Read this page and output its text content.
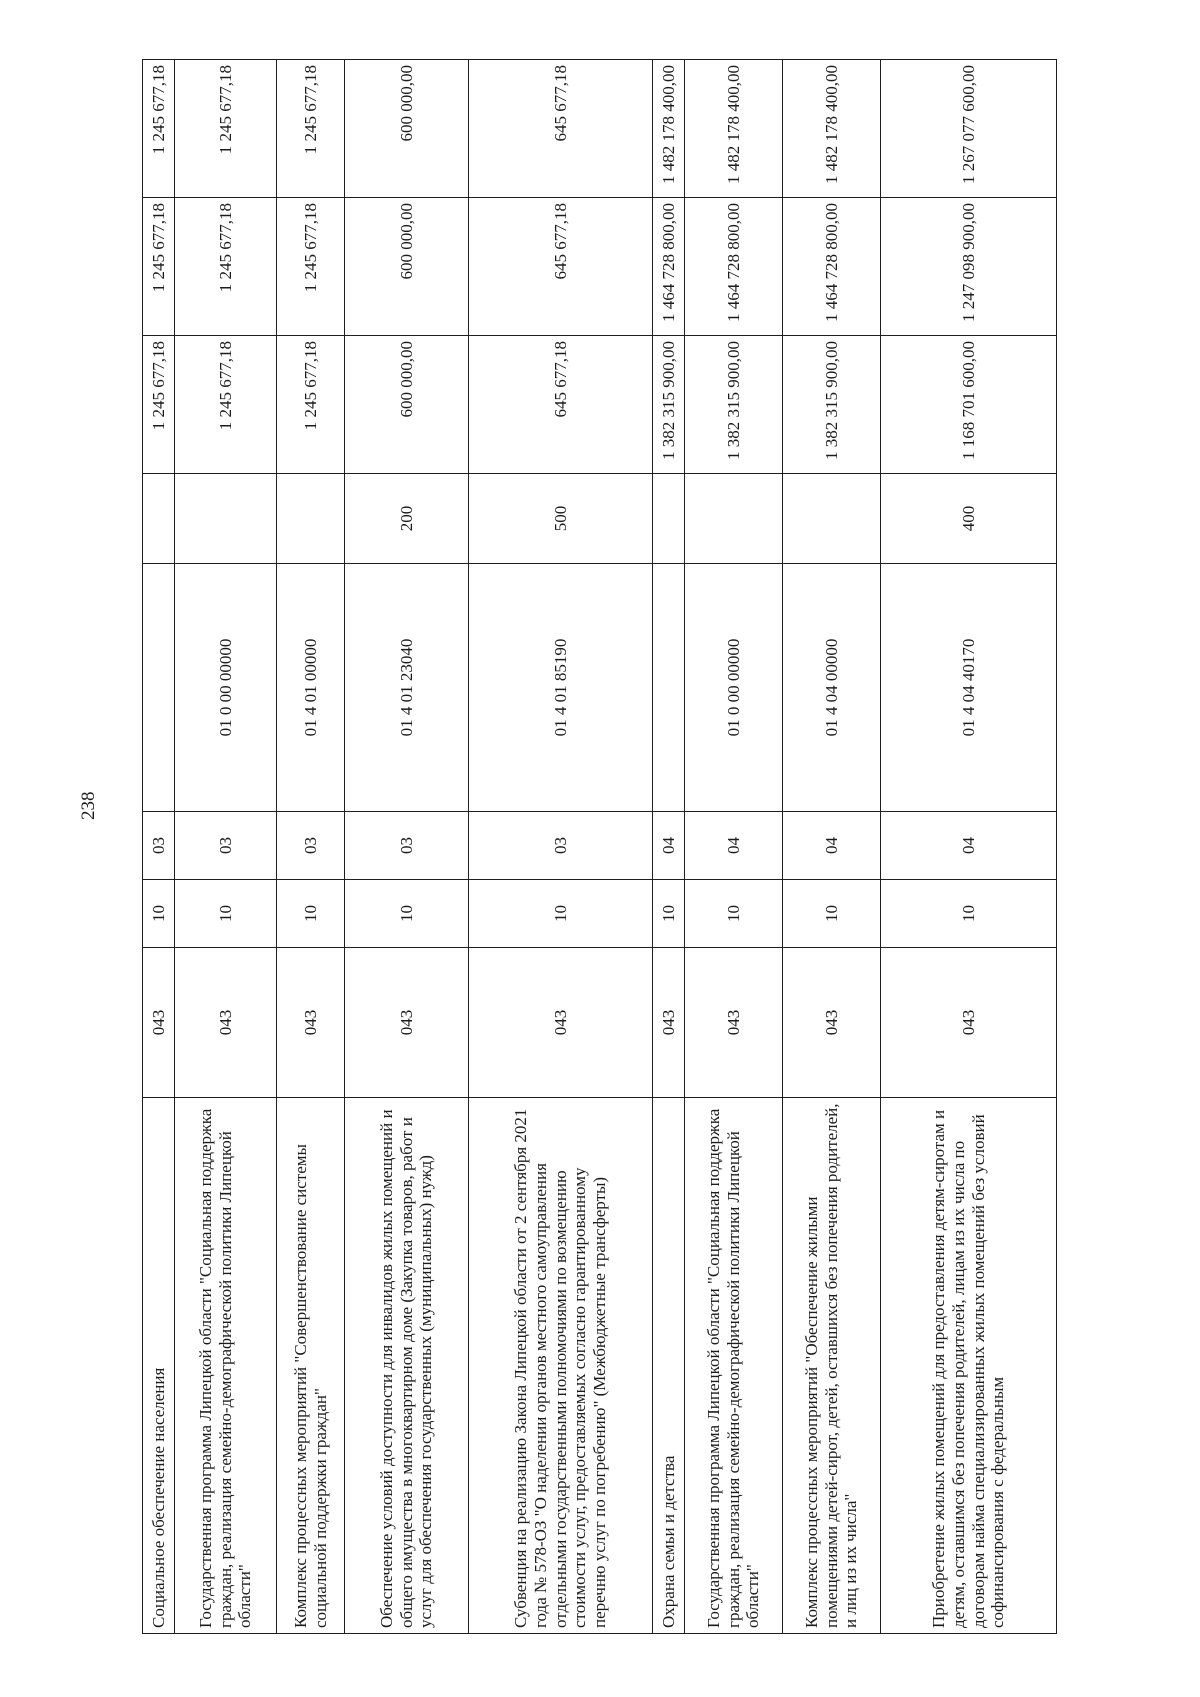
238
Социальное обеспечение населения	043	10	03			1 245 677,18	1 245 677,18	1 245 677,18
Государственная программа Липецкой области "Социальная поддержка граждан, реализация семейно-демографической политики Липецкой области"	043	10	03	01 0 00 00000		1 245 677,18	1 245 677,18	1 245 677,18
Комплекс процессных мероприятий "Совершенствование системы социальной поддержки граждан"	043	10	03	01 4 01 00000		1 245 677,18	1 245 677,18	1 245 677,18
Обеспечение условий доступности для инвалидов жилых помещений и общего имущества в многоквартирном доме (Закупка товаров, работ и услуг для обеспечения государственных (муниципальных) нужд)	043	10	03	01 4 01 23040	200	600 000,00	600 000,00	600 000,00
Субвенция на реализацию Закона Липецкой области от 2 сентября 2021 года № 578-ОЗ "О наделении органов местного самоуправления отдельными государственными полномочиями по возмещению стоимости услуг, предоставляемых согласно гарантированному перечню услуг по погребению" (Межбюджетные трансферты)	043	10	03	01 4 01 85190	500	645 677,18	645 677,18	645 677,18
Охрана семьи и детства	043	10	04			1 382 315 900,00	1 464 728 800,00	1 482 178 400,00
Государственная программа Липецкой области "Социальная поддержка граждан, реализация семейно-демографической политики Липецкой области"	043	10	04	01 0 00 00000		1 382 315 900,00	1 464 728 800,00	1 482 178 400,00
Комплекс процессных мероприятий "Обеспечение жилыми помещениями детей-сирот, детей, оставшихся без попечения родителей, и лиц из их числа"	043	10	04	01 4 04 00000		1 382 315 900,00	1 464 728 800,00	1 482 178 400,00
Приобретение жилых помещений для предоставления детям-сиротам и детям, оставшимся без попечения родителей, лицам из их числа по договорам найма специализированных жилых помещений без условий софинансирования с федеральным	043	10	04	01 4 04 40170	400	1 168 701 600,00	1 247 098 900,00	1 267 077 600,00
